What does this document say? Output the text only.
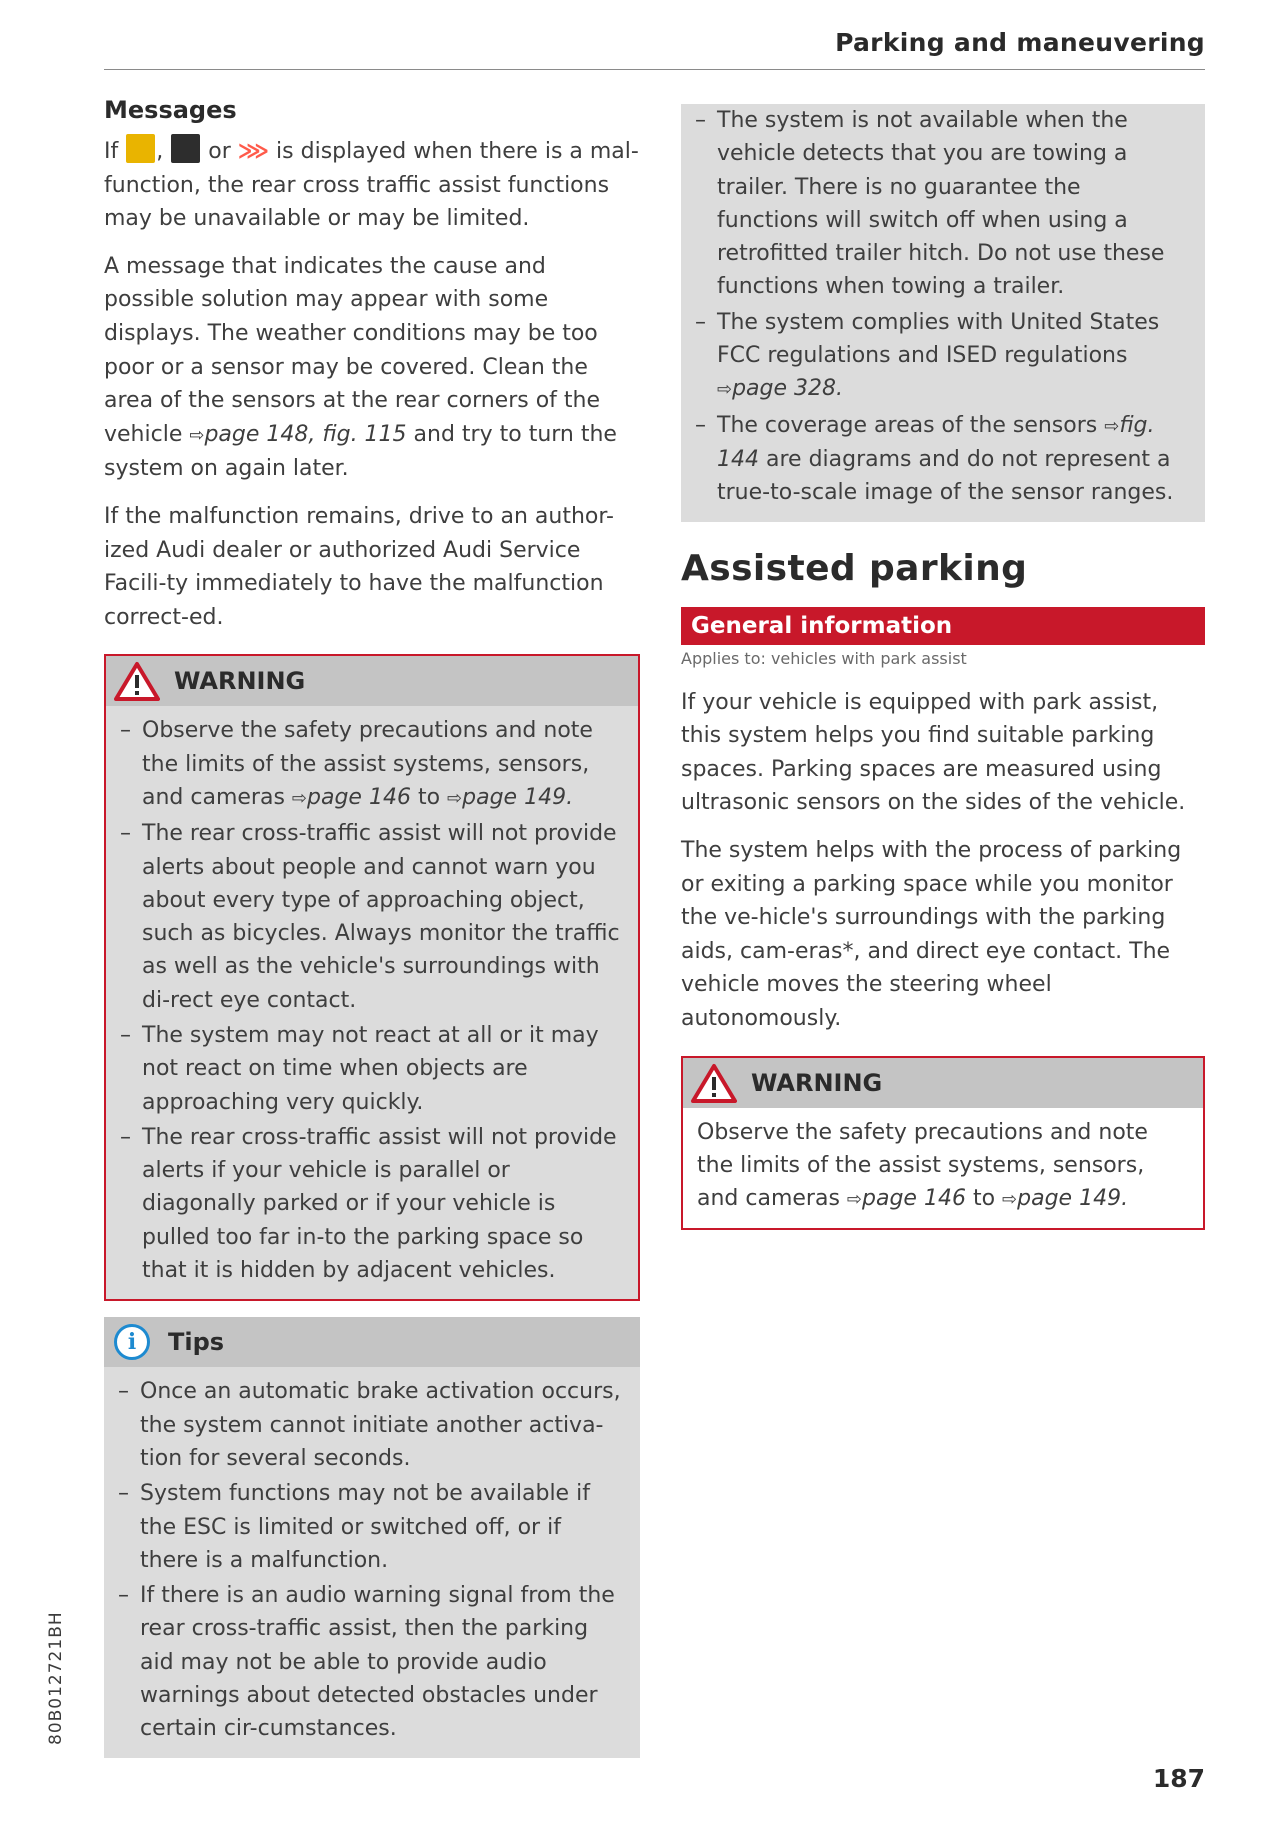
Parking and maneuvering
Messages

If , or ⋙ is displayed when there is a mal-function, the rear cross traffic assist functions may be unavailable or may be limited.

A message that indicates the cause and possible solution may appear with some displays. The weather conditions may be too poor or a sensor may be covered. Clean the area of the sensors at the rear corners of the vehicle ⇨page 148, fig. 115 and try to turn the system on again later.

If the malfunction remains, drive to an author-ized Audi dealer or authorized Audi Service Facili-ty immediately to have the malfunction correct-ed.

WARNING
– Observe the safety precautions and note the limits of the assist systems, sensors, and cameras ⇨page 146 to ⇨page 149.
– The rear cross-traffic assist will not provide alerts about people and cannot warn you about every type of approaching object, such as bicycles. Always monitor the traffic as well as the vehicle's surroundings with di-rect eye contact.
– The system may not react at all or it may not react on time when objects are approaching very quickly.
– The rear cross-traffic assist will not provide alerts if your vehicle is parallel or diagonally parked or if your vehicle is pulled too far in-to the parking space so that it is hidden by adjacent vehicles.
i	Tips
– Once an automatic brake activation occurs, the system cannot initiate another activa-tion for several seconds.
– System functions may not be available if the ESC is limited or switched off, or if there is a malfunction.
– If there is an audio warning signal from the rear cross-traffic assist, then the parking aid may not be able to provide audio warnings about detected obstacles under certain cir-cumstances.
– The system is not available when the vehicle detects that you are towing a trailer. There is no guarantee the functions will switch off when using a retrofitted trailer hitch. Do not use these functions when towing a trailer.
– The system complies with United States FCC regulations and ISED regulations ⇨page 328.
– The coverage areas of the sensors ⇨fig. 144 are diagrams and do not represent a true-to-scale image of the sensor ranges.
Assisted parking
General information
Applies to: vehicles with park assist

If your vehicle is equipped with park assist, this system helps you find suitable parking spaces. Parking spaces are measured using ultrasonic sensors on the sides of the vehicle.

The system helps with the process of parking or exiting a parking space while you monitor the ve-hicle's surroundings with the parking aids, cam-eras*, and direct eye contact. The vehicle moves the steering wheel autonomously.

WARNING
Observe the safety precautions and note the limits of the assist systems, sensors, and cameras ⇨page 146 to ⇨page 149.
80B012721BH
187
